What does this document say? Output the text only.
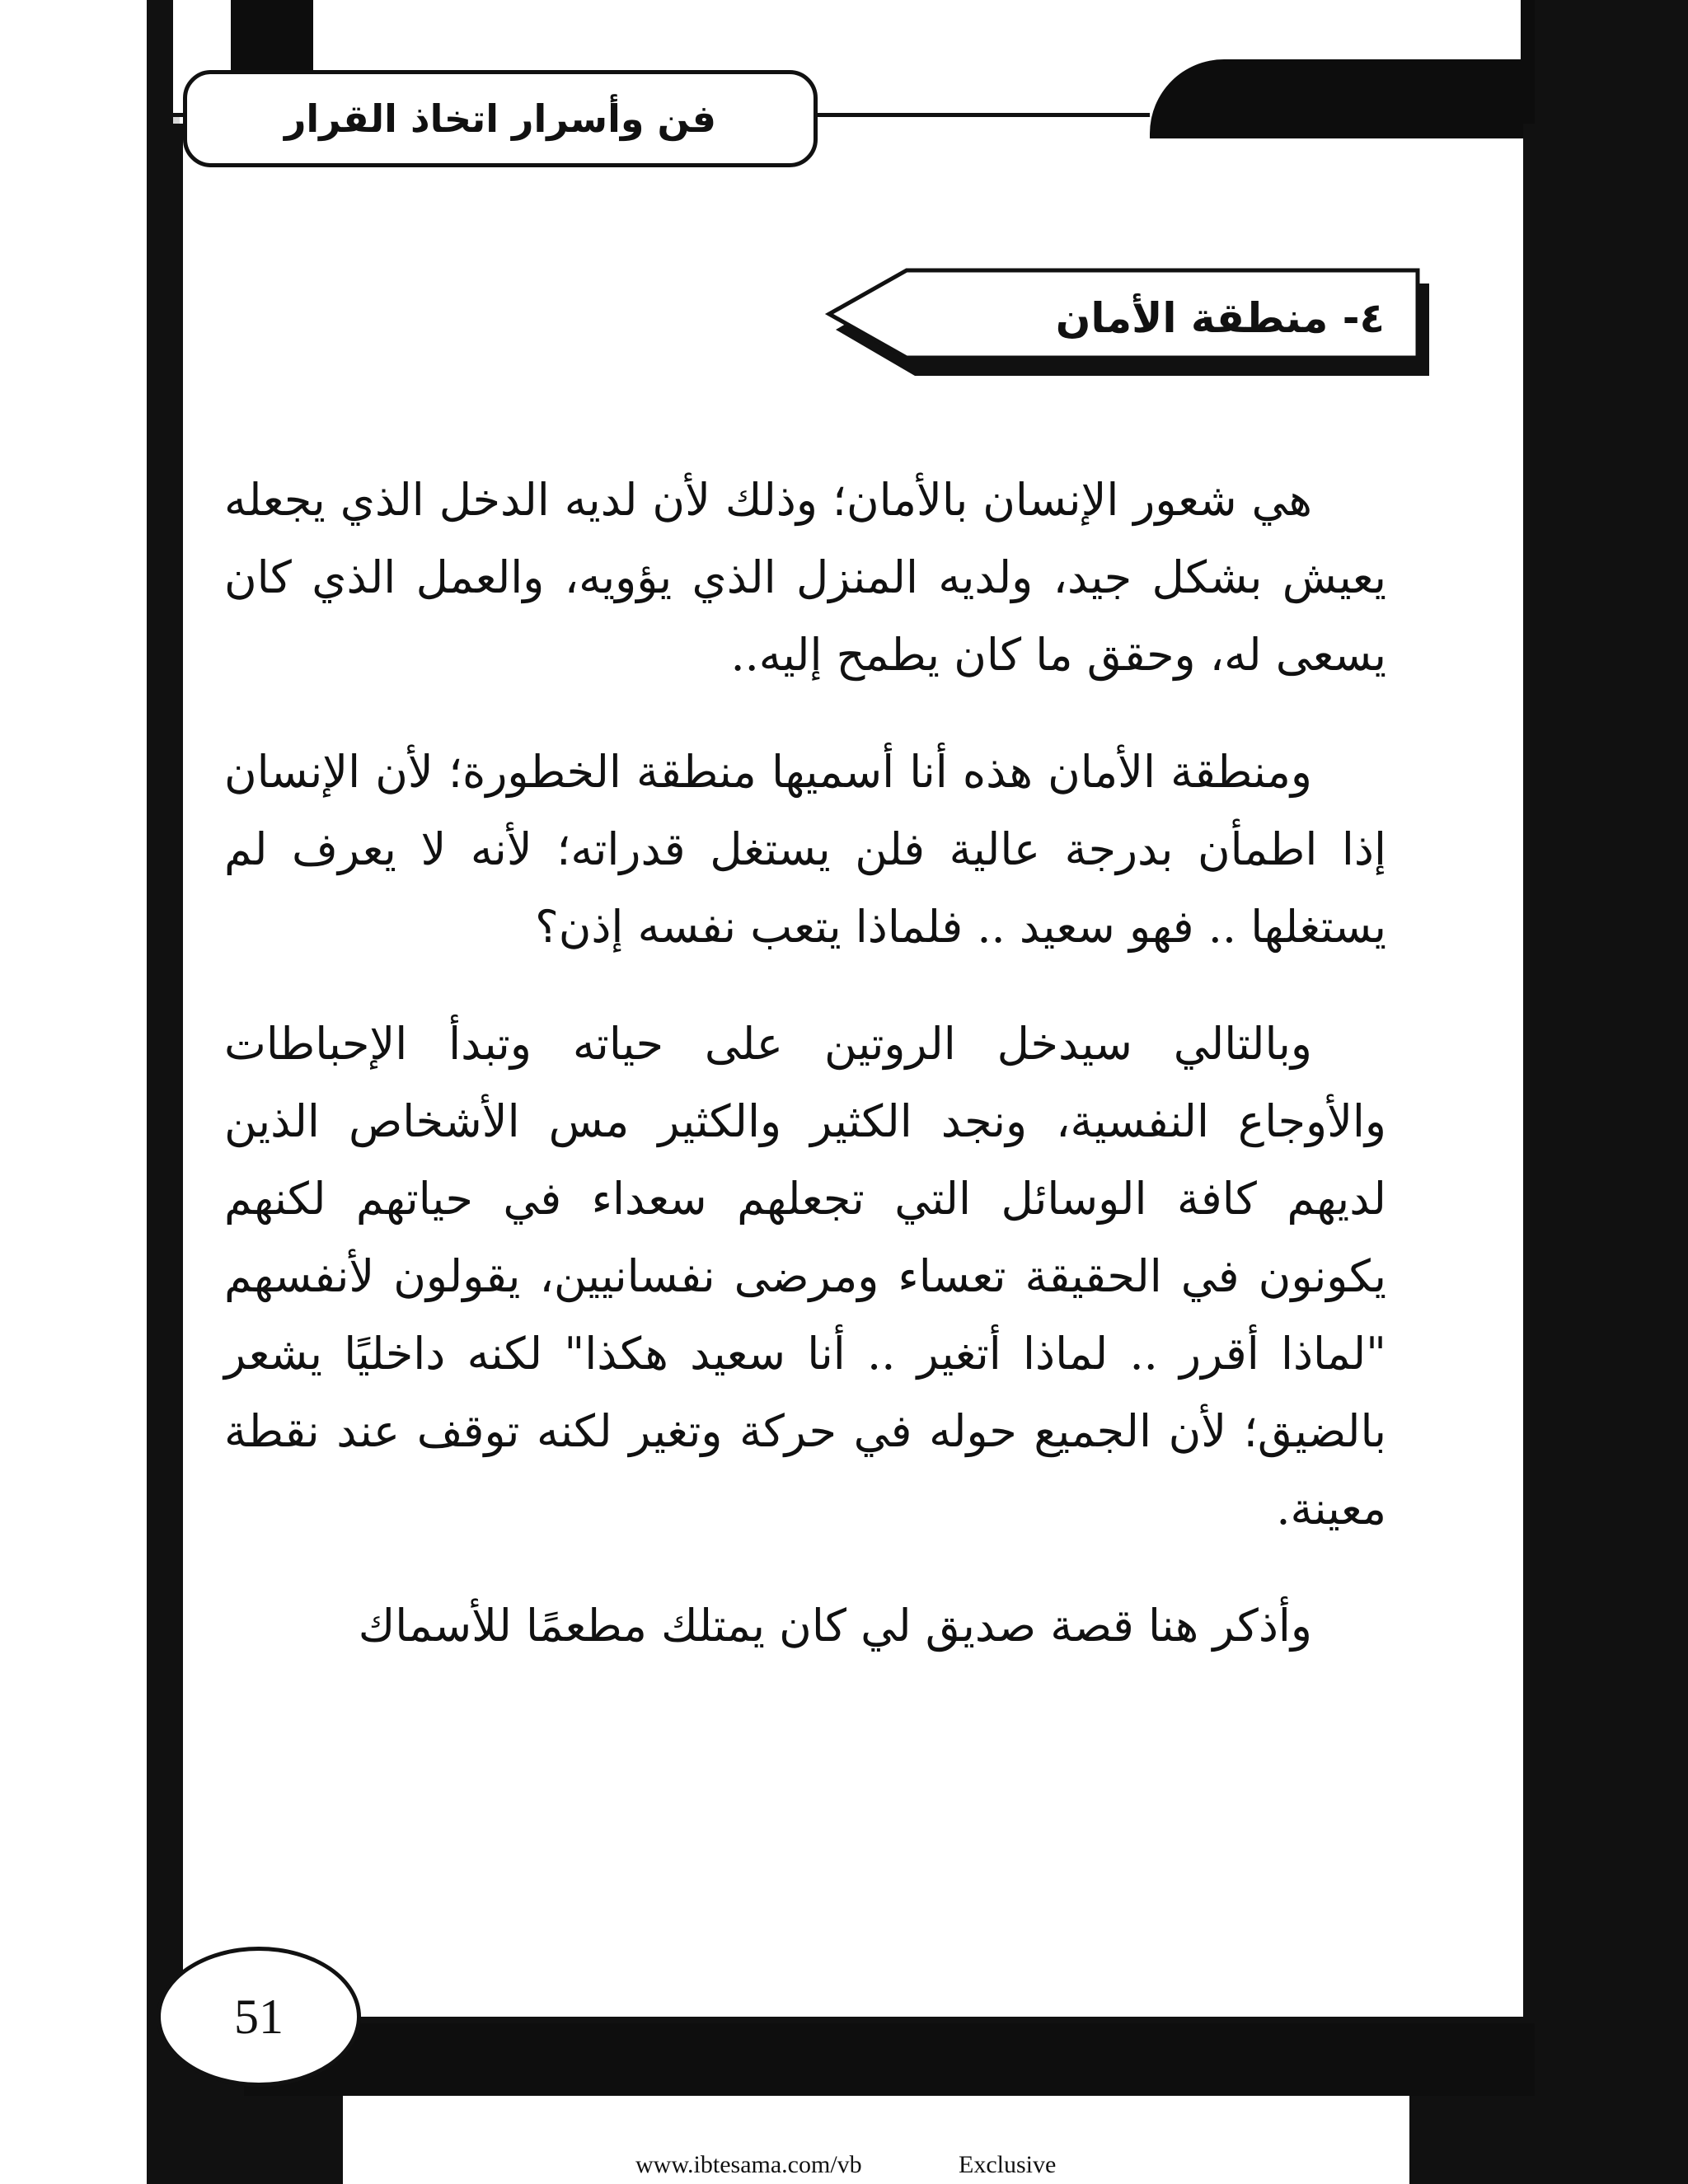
فن وأسرار اتخاذ القرار
٤- منطقة الأمان

هي شعور الإنسان بالأمان؛ وذلك لأن لديه الدخل الذي يجعله يعيش بشكل جيد، ولديه المنزل الذي يؤويه، والعمل الذي كان يسعى له، وحقق ما كان يطمح إليه..

ومنطقة الأمان هذه أنا أسميها منطقة الخطورة؛ لأن الإنسان إذا اطمأن بدرجة عالية فلن يستغل قدراته؛ لأنه لا يعرف لم يستغلها .. فهو سعيد .. فلماذا يتعب نفسه إذن؟

وبالتالي سيدخل الروتين على حياته وتبدأ الإحباطات والأوجاع النفسية، ونجد الكثير والكثير مس الأشخاص الذين لديهم كافة الوسائل التي تجعلهم سعداء في حياتهم لكنهم يكونون في الحقيقة تعساء ومرضى نفسانيين، يقولون لأنفسهم "لماذا أقرر .. لماذا أتغير .. أنا سعيد هكذا" لكنه داخليًا يشعر بالضيق؛ لأن الجميع حوله في حركة وتغير لكنه توقف عند نقطة معينة.

وأذكر هنا قصة صديق لي كان يمتلك مطعمًا للأسماك

51
www.ibtesama.com/vb	Exclusive
